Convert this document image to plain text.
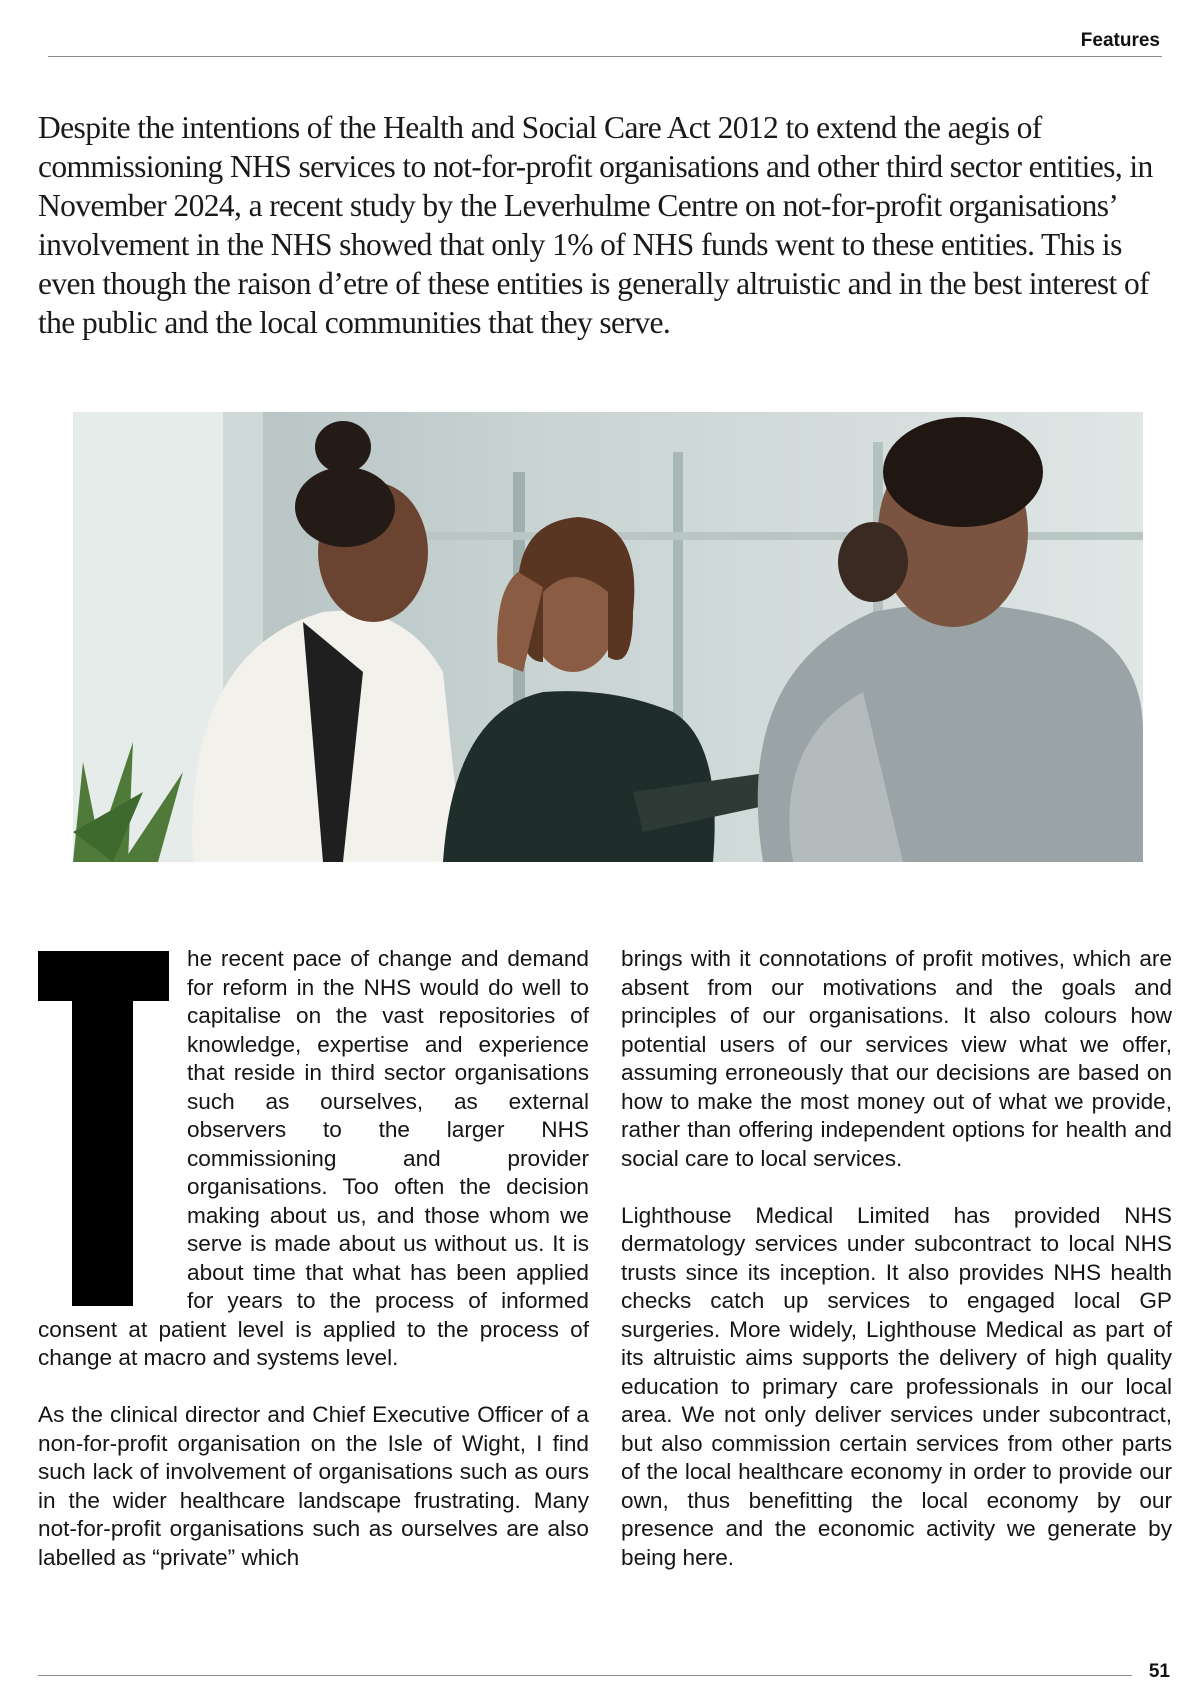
Features

Despite the intentions of the Health and Social Care Act 2012 to extend the aegis of commissioning NHS services to not-for-profit organisations and other third sector entities, in November 2024, a recent study by the Leverhulme Centre on not-for-profit organisations’ involvement in the NHS showed that only 1% of NHS funds went to these entities. This is even though the raison d’etre of these entities is generally altruistic and in the best interest of the public and the local communities that they serve.

he recent pace of change and demand for reform in the NHS would do well to capitalise on the vast repositories of knowledge, expertise and experience that reside in third sector organisations such as ourselves, as external observers to the larger NHS commissioning and provider organisations. Too often the decision making about us, and those whom we serve is made about us without us. It is about time that what has been applied for years to the process of informed consent at patient level is applied to the process of change at macro and systems level.

As the clinical director and Chief Executive Officer of a non-for-profit organisation on the Isle of Wight, I find such lack of involvement of organisations such as ours in the wider healthcare landscape frustrating. Many not-for-profit organisations such as ourselves are also labelled as “private” which

brings with it connotations of profit motives, which are absent from our motivations and the goals and principles of our organisations. It also colours how potential users of our services view what we offer, assuming erroneously that our decisions are based on how to make the most money out of what we provide, rather than offering independent options for health and social care to local services.

Lighthouse Medical Limited has provided NHS dermatology services under subcontract to local NHS trusts since its inception. It also provides NHS health checks catch up services to engaged local GP surgeries. More widely, Lighthouse Medical as part of its altruistic aims supports the delivery of high quality education to primary care professionals in our local area. We not only deliver services under subcontract, but also commission certain services from other parts of the local healthcare economy in order to provide our own, thus benefitting the local economy by our presence and the economic activity we generate by being here.

51
